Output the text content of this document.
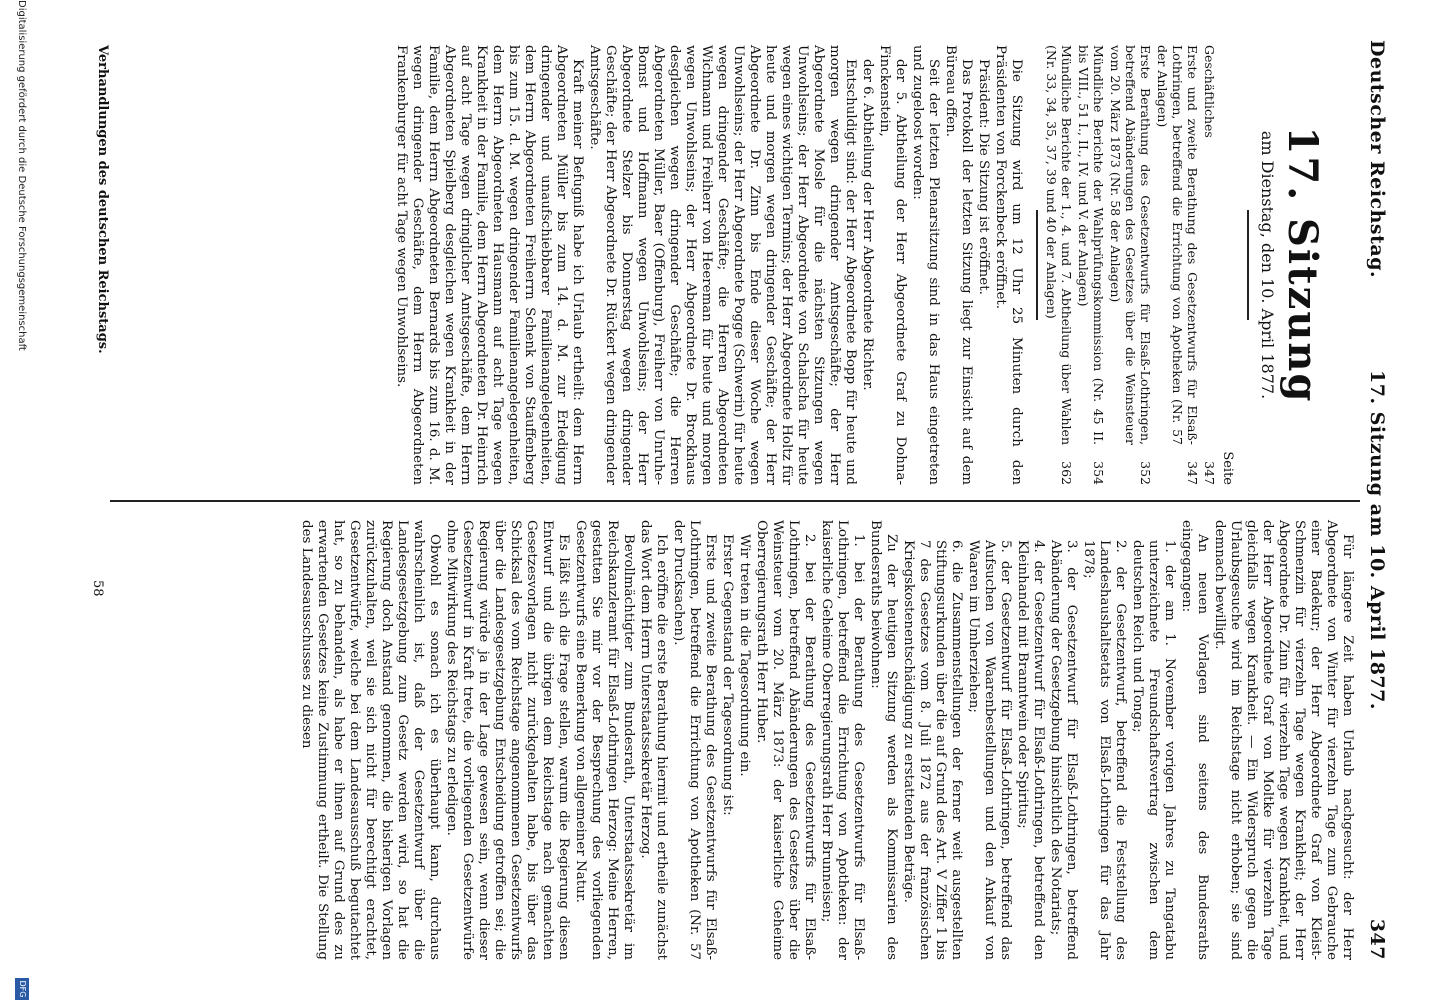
Deutscher Reichstag.
17. Sitzung am 10. April 1877.
347
17. Sitzung
am Dienstag, den 10. April 1877.
Seite
Geschäftliches
347
Erste und zweite Berathung des Gesetzentwurfs für Elsaß-Lothringen, betreffend die Errichtung von Apotheken (Nr. 57 der Anlagen)
347
Erste Berathung des Gesetzentwurfs für Elsaß-Lothringen, betreffend Abänderungen des Gesetzes über die Weinsteuer vom 20. März 1873 (Nr. 58 der Anlagen)
352
Mündliche Berichte der Wahlprüfungskommission (Nr. 45 II. bis VIII., 51 I., II., IV. und V. der Anlagen)
354
Mündliche Berichte der 1., 4. und 7. Abtheilung über Wahlen (Nr. 33, 34, 35, 37, 39 und 40 der Anlagen)
362

Die Sitzung wird um 12 Uhr 25 Minuten durch den Präsidenten von Forckenbeck eröffnet.

Präsident: Die Sitzung ist eröffnet.

Das Protokoll der letzten Sitzung liegt zur Einsicht auf dem Büreau offen.

Seit der letzten Plenarsitzung sind in das Haus eingetreten und zugeloost worden:

der 5. Abtheilung der Herr Abgeordnete Graf zu Dohna-Finckenstein,

der 6. Abtheilung der Herr Abgeordnete Richter.

Entschuldigt sind: der Herr Abgeordnete Bopp für heute und morgen wegen dringender Amtsgeschäfte; der Herr Abgeordnete Mosle für die nächsten Sitzungen wegen Unwohlseins; der Herr Abgeordnete von Schalscha für heute wegen eines wichtigen Termins; der Herr Abgeordnete Holtz für heute und morgen wegen dringender Geschäfte; der Herr Abgeordnete Dr. Zinn bis Ende dieser Woche wegen Unwohlseins; der Herr Abgeordnete Pogge (Schwerin) für heute wegen dringender Geschäfte; die Herren Abgeordneten Wichmann und Freiherr von Heereman für heute und morgen wegen Unwohlseins; der Herr Abgeordnete Dr. Brockhaus desgleichen wegen dringender Geschäfte; die Herren Abgeordneten Müller, Baer (Offenburg), Freiherr von Unruhe-Bomst und Hoffmann wegen Unwohlseins; der Herr Abgeordnete Stelzer bis Donnerstag wegen dringender Geschäfte; der Herr Abgeordnete Dr. Rückert wegen dringender Amtsgeschäfte.

Kraft meiner Befugniß habe ich Urlaub ertheilt: dem Herrn Abgeordneten Müller bis zum 14. d. M. zur Erledigung dringender und unaufschiebbarer Familienangelegenheiten, dem Herrn Abgeordneten Freiherrn Schenk von Stauffenberg bis zum 15. d. M. wegen dringender Familienangelegenheiten, dem Herrn Abgeordneten Hausmann auf acht Tage wegen Krankheit in der Familie, dem Herrn Abgeordneten Dr. Heinrich auf acht Tage wegen dringlicher Amtsgeschäfte, dem Herrn Abgeordneten Spielberg desgleichen wegen Krankheit in der Familie, dem Herrn Abgeordneten Bernards bis zum 16. d. M. wegen dringender Geschäfte, dem Herrn Abgeordneten Frankenburger für acht Tage wegen Unwohlseins.

Für längere Zeit haben Urlaub nachgesucht: der Herr Abgeordnete von Winter für vierzehn Tage zum Gebrauche einer Badekur; der Herr Abgeordnete Graf von Kleist-Schmenzin für vierzehn Tage wegen Krankheit; der Herr Abgeordnete Dr. Zinn für vierzehn Tage wegen Krankheit, und der Herr Abgeordnete Graf von Moltke für vierzehn Tage gleichfalls wegen Krankheit. — Ein Widerspruch gegen die Urlaubsgesuche wird im Reichstage nicht erhoben; sie sind demnach bewilligt.

An neuen Vorlagen sind seitens des Bundesraths eingegangen:

1. der am 1. November vorigen Jahres zu Tangatabu unterzeichnete Freundschaftsvertrag zwischen dem deutschen Reich und Tonga;

2. der Gesetzentwurf, betreffend die Feststellung des Landeshaushaltsetats von Elsaß-Lothringen für das Jahr 1878;

3. der Gesetzentwurf für Elsaß-Lothringen, betreffend Abänderung der Gesetzgebung hinsichtlich des Notariats;

4. der Gesetzentwurf für Elsaß-Lothringen, betreffend den Kleinhandel mit Branntwein oder Spiritus;

5. der Gesetzentwurf für Elsaß-Lothringen, betreffend das Aufsuchen von Waarenbestellungen und den Ankauf von Waaren im Umherziehen;

6. die Zusammenstellungen der ferner weit ausgestellten Stiftungsurkunden über die auf Grund des Art. V Ziffer 1 bis 7 des Gesetzes vom 8. Juli 1872 aus der französischen Kriegskostenentschädigung zu erstattenden Beträge.

Zu der heutigen Sitzung werden als Kommissarien des Bundesraths beiwohnen:

1. bei der Berathung des Gesetzentwurfs für Elsaß-Lothringen, betreffend die Errichtung von Apotheken: der kaiserliche Geheime Oberregierungsrath Herr Brunneisen;

2. bei der Berathung des Gesetzentwurfs für Elsaß-Lothringen, betreffend Abänderungen des Gesetzes über die Weinsteuer vom 20. März 1873: der kaiserliche Geheime Oberregierungsrath Herr Huber.

Wir treten in die Tagesordnung ein.

Erster Gegenstand der Tagesordnung ist:

Erste und zweite Berathung des Gesetzentwurfs für Elsaß-Lothringen, betreffend die Errichtung von Apotheken (Nr. 57 der Drucksachen).

Ich eröffne die erste Berathung hiermit und ertheile zunächst das Wort dem Herrn Unterstaatssekretär Herzog.

Bevollmächtigter zum Bundesrath, Unterstaatssekretär im Reichskanzleramt für Elsaß-Lothringen Herzog: Meine Herren, gestatten Sie mir vor der Besprechung des vorliegenden Gesetzentwurfs eine Bemerkung von allgemeiner Natur.

Es läßt sich die Frage stellen, warum die Regierung diesen Entwurf und die übrigen dem Reichstage nach gemachten Gesetzesvorlagen nicht zurückgehalten habe, bis über das Schicksal des vom Reichstage angenommenen Gesetzentwurfs über die Landesgesetzgebung Entscheidung getroffen sei; die Regierung würde ja in der Lage gewesen sein, wenn dieser Gesetzentwurf in Kraft trete, die vorliegenden Gesetzentwürfe ohne Mitwirkung des Reichstags zu erledigen.

Obwohl es sonach ich es überhaupt kann, durchaus wahrscheinlich ist, daß der Gesetzentwurf über die Landesgesetzgebung zum Gesetz werden wird, so hat die Regierung doch Anstand genommen, die bisherigen Vorlagen zurückzuhalten, weil sie sich nicht für berechtigt erachtet, Gesetzentwürfe, welche bei dem Landesausschuß begutachtet hat, so zu behandeln, als habe er ihnen auf Grund des zu erwartenden Gesetzes keine Zustimmung ertheilt. Die Stellung des Landesausschusses zu diesen

Verhandlungen des deutschen Reichstags.
58
Digitalisierung gefördert durch die Deutsche Forschungsgemeinschaft
DFG
